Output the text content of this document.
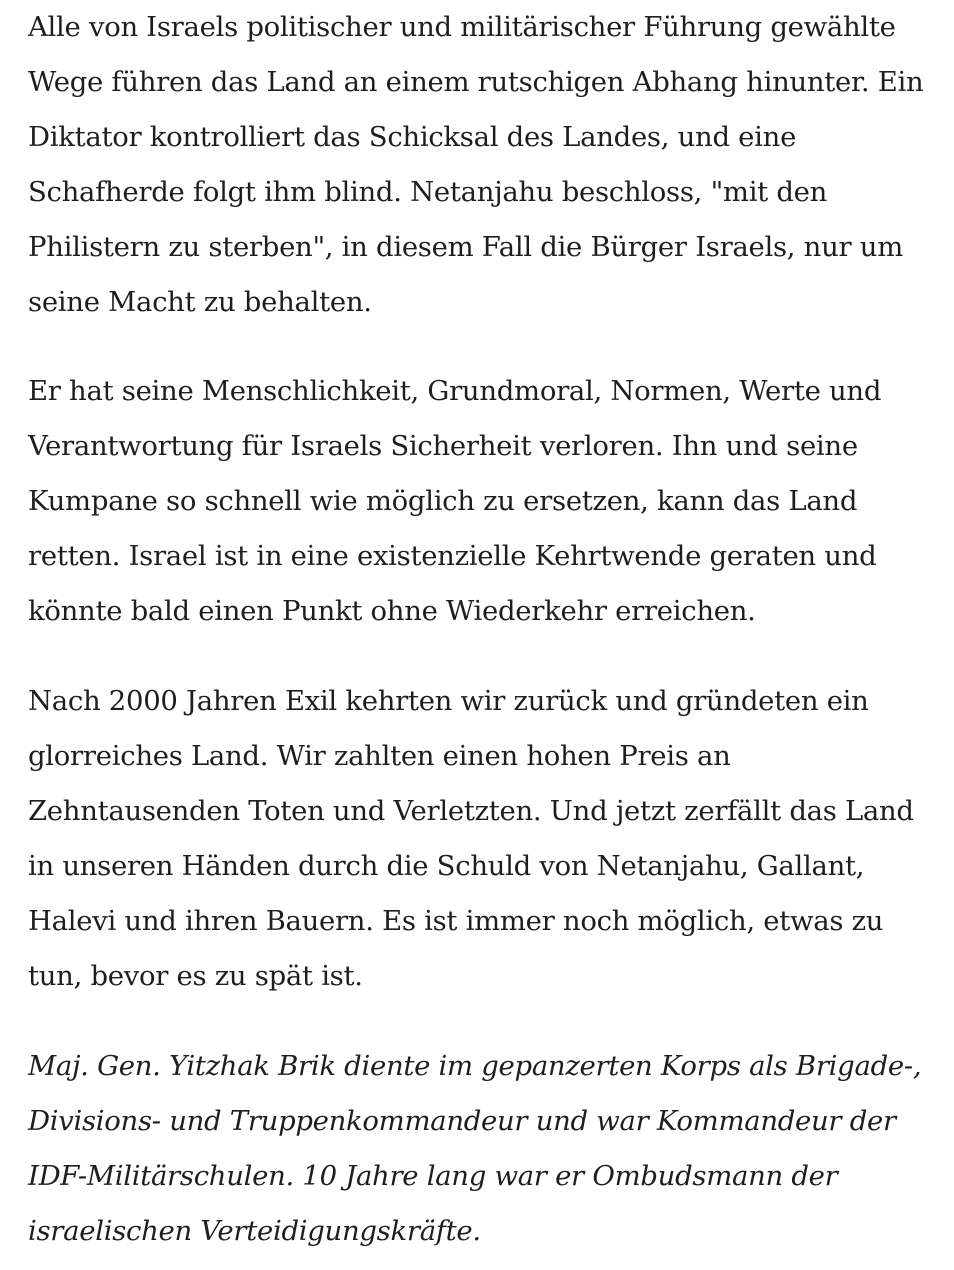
Alle von Israels politischer und militärischer Führung gewählte
Wege führen das Land an einem rutschigen Abhang hinunter. Ein
Diktator kontrolliert das Schicksal des Landes, und eine
Schafherde folgt ihm blind. Netanjahu beschloss, "mit den
Philistern zu sterben", in diesem Fall die Bürger Israels, nur um
seine Macht zu behalten.
Er hat seine Menschlichkeit, Grundmoral, Normen, Werte und
Verantwortung für Israels Sicherheit verloren. Ihn und seine
Kumpane so schnell wie möglich zu ersetzen, kann das Land
retten. Israel ist in eine existenzielle Kehrtwende geraten und
könnte bald einen Punkt ohne Wiederkehr erreichen.
Nach 2000 Jahren Exil kehrten wir zurück und gründeten ein
glorreiches Land. Wir zahlten einen hohen Preis an
Zehntausenden Toten und Verletzten. Und jetzt zerfällt das Land
in unseren Händen durch die Schuld von Netanjahu, Gallant,
Halevi und ihren Bauern. Es ist immer noch möglich, etwas zu
tun, bevor es zu spät ist.
Maj. Gen. Yitzhak Brik diente im gepanzerten Korps als Brigade-,
Divisions- und Truppenkommandeur und war Kommandeur der
IDF-Militärschulen. 10 Jahre lang war er Ombudsmann der
israelischen Verteidigungskräfte.
